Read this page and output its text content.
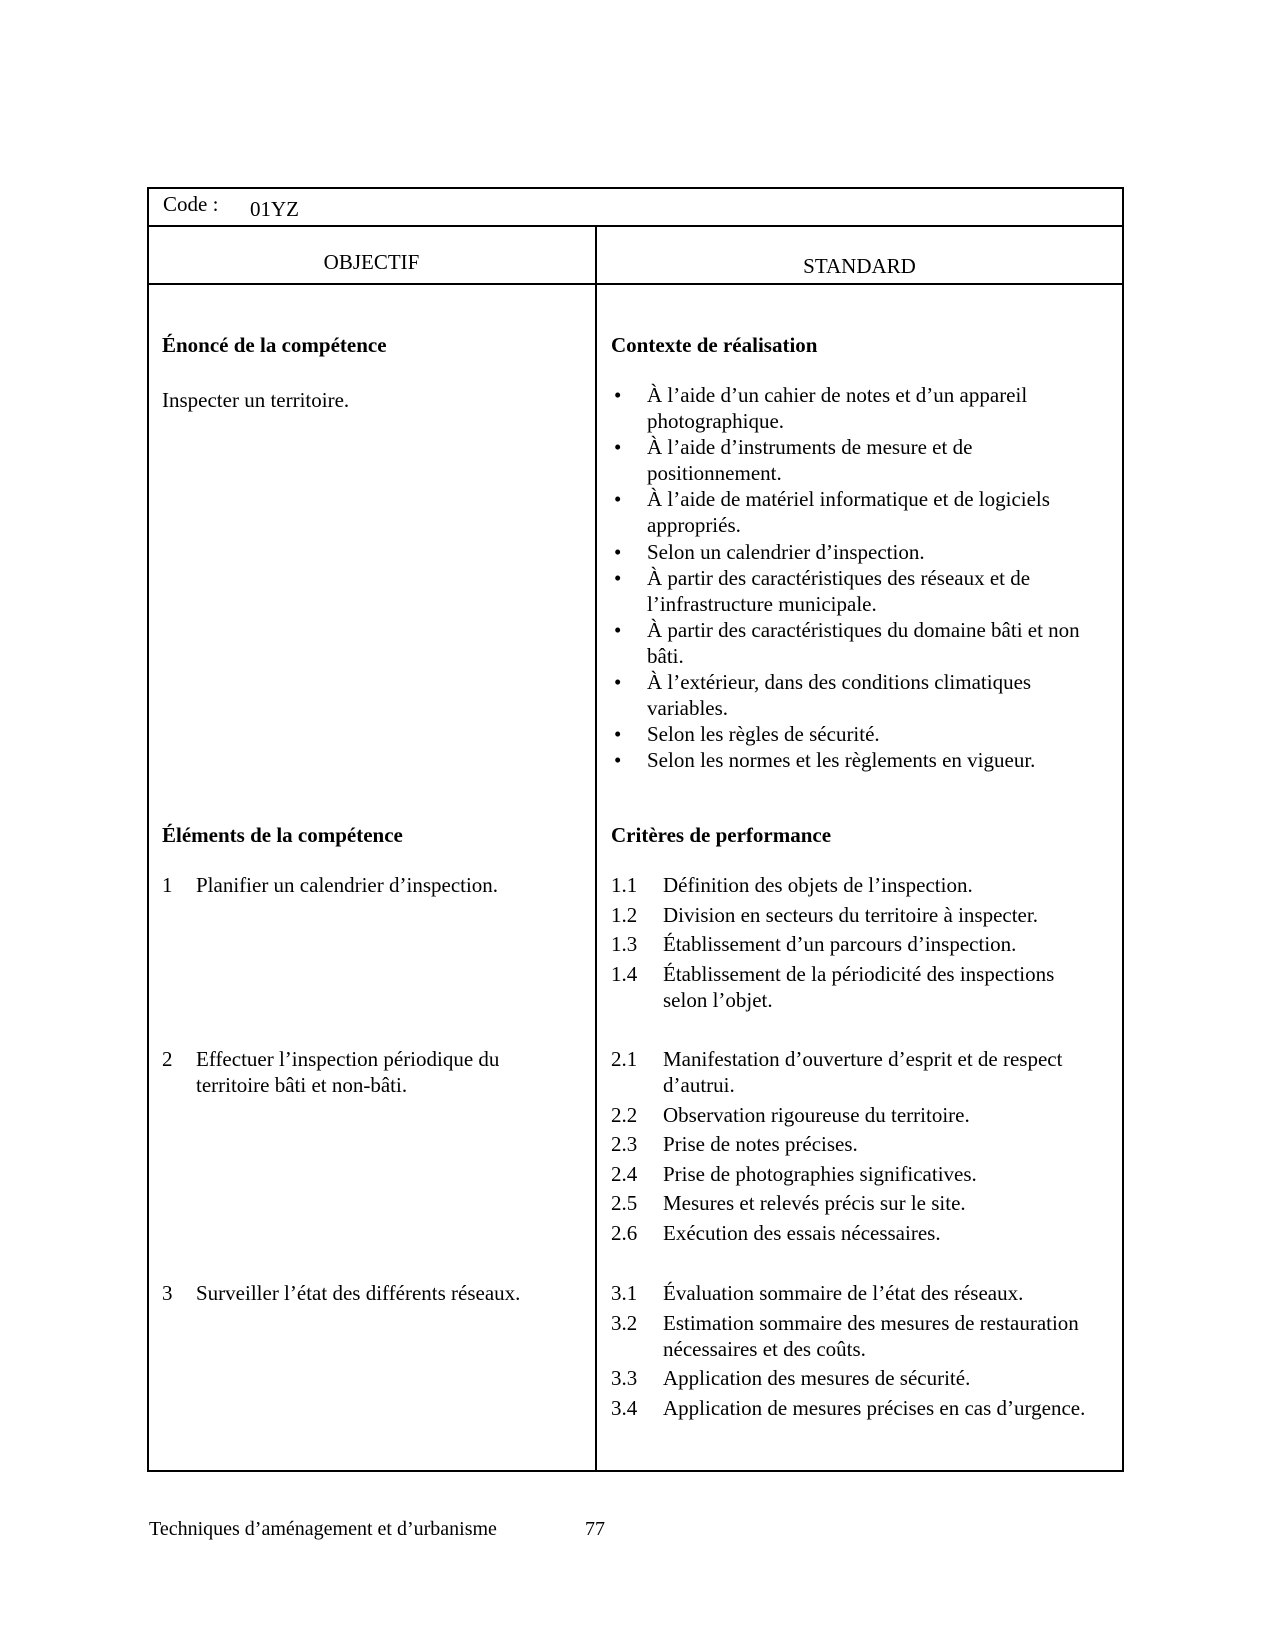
Code : 01YZ
OBJECTIF	STANDARD
Énoncé de la compétence
Inspecter un territoire.
Contexte de réalisation
• À l’aide d’un cahier de notes et d’un appareil photographique.
• À l’aide d’instruments de mesure et de positionnement.
• À l’aide de matériel informatique et de logiciels appropriés.
• Selon un calendrier d’inspection.
• À partir des caractéristiques des réseaux et de l’infrastructure municipale.
• À partir des caractéristiques du domaine bâti et non bâti.
• À l’extérieur, dans des conditions climatiques variables.
• Selon les règles de sécurité.
• Selon les normes et les règlements en vigueur.
Éléments de la compétence
1 Planifier un calendrier d’inspection.
2 Effectuer l’inspection périodique du territoire bâti et non-bâti.
3 Surveiller l’état des différents réseaux.
Critères de performance
1.1 Définition des objets de l’inspection.
1.2 Division en secteurs du territoire à inspecter.
1.3 Établissement d’un parcours d’inspection.
1.4 Établissement de la périodicité des inspections selon l’objet.
2.1 Manifestation d’ouverture d’esprit et de respect d’autrui.
2.2 Observation rigoureuse du territoire.
2.3 Prise de notes précises.
2.4 Prise de photographies significatives.
2.5 Mesures et relevés précis sur le site.
2.6 Exécution des essais nécessaires.
3.1 Évaluation sommaire de l’état des réseaux.
3.2 Estimation sommaire des mesures de restauration nécessaires et des coûts.
3.3 Application des mesures de sécurité.
3.4 Application de mesures précises en cas d’urgence.
Techniques d’aménagement et d’urbanisme	77
